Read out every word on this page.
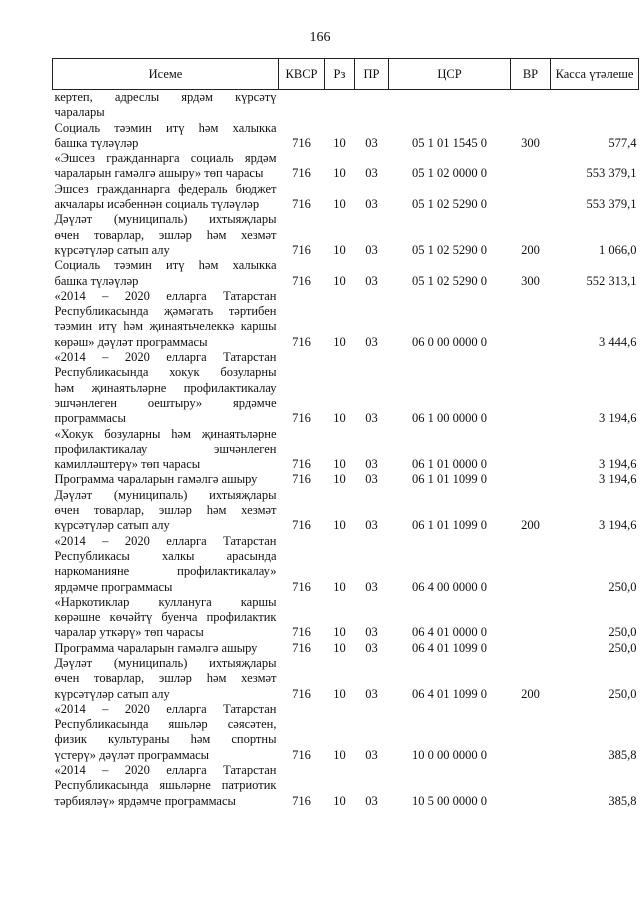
166
Исеме	КВСР	Рз	ПР	ЦСР	ВР	Касса үтәлеше

кертеп, адреслы ярдәм күрсәтү
чаралары						

Социаль тәэмин итү һәм халыкка
башка түләүләр	716	10	03	05 1 01 1545 0	300	577,4

«Эшсез гражданнарга социаль ярдәм
чараларын гамәлгә ашыру» төп чарасы	716	10	03	05 1 02 0000 0		553 379,1

Эшсез гражданнарга федераль бюджет
акчалары исәбеннән социаль түләүләр	716	10	03	05 1 02 5290 0		553 379,1

Дәүләт (муниципаль) ихтыяҗлары
өчен товарлар, эшләр һәм хезмәт
күрсәтүләр сатып алу	716	10	03	05 1 02 5290 0	200	1 066,0

Социаль тәэмин итү һәм халыкка
башка түләүләр	716	10	03	05 1 02 5290 0	300	552 313,1

«2014 – 2020 елларга Татарстан
Республикасында җәмәгать тәртибен
тәэмин итү һәм җинаятьчелеккә каршы
көрәш» дәүләт программасы	716	10	03	06 0 00 0000 0		3 444,6

«2014 – 2020 елларга Татарстан
Республикасында хокук бозуларны
һәм җинаятьләрне профилактикалау
эшчәнлеген оештыру» ярдәмче
программасы	716	10	03	06 1 00 0000 0		3 194,6

«Хокук бозуларны һәм җинаятьләрне
профилактикалау эшчәнлеген
камилләштерү» төп чарасы	716	10	03	06 1 01 0000 0		3 194,6

Программа чараларын гамәлгә ашыру	716	10	03	06 1 01 1099 0		3 194,6

Дәүләт (муниципаль) ихтыяҗлары
өчен товарлар, эшләр һәм хезмәт
күрсәтүләр сатып алу	716	10	03	06 1 01 1099 0	200	3 194,6

«2014 – 2020 елларга Татарстан
Республикасы халкы арасында
наркоманияне профилактикалау»
ярдәмче программасы	716	10	03	06 4 00 0000 0		250,0

«Наркотиклар куллануга каршы
көрәшне көчәйтү буенча профилактик
чаралар уткәрү» төп чарасы	716	10	03	06 4 01 0000 0		250,0

Программа чараларын гамәлгә ашыру	716	10	03	06 4 01 1099 0		250,0

Дәүләт (муниципаль) ихтыяҗлары
өчен товарлар, эшләр һәм хезмәт
күрсәтүләр сатып алу	716	10	03	06 4 01 1099 0	200	250,0

«2014 – 2020 елларга Татарстан
Республикасында яшьләр сәясәтен,
физик культураны һәм спортны
үстерү» дәүләт программасы	716	10	03	10 0 00 0000 0		385,8

«2014 – 2020 елларга Татарстан
Республикасында яшьләрне патриотик
тәрбияләү» ярдәмче программасы	716	10	03	10 5 00 0000 0		385,8
